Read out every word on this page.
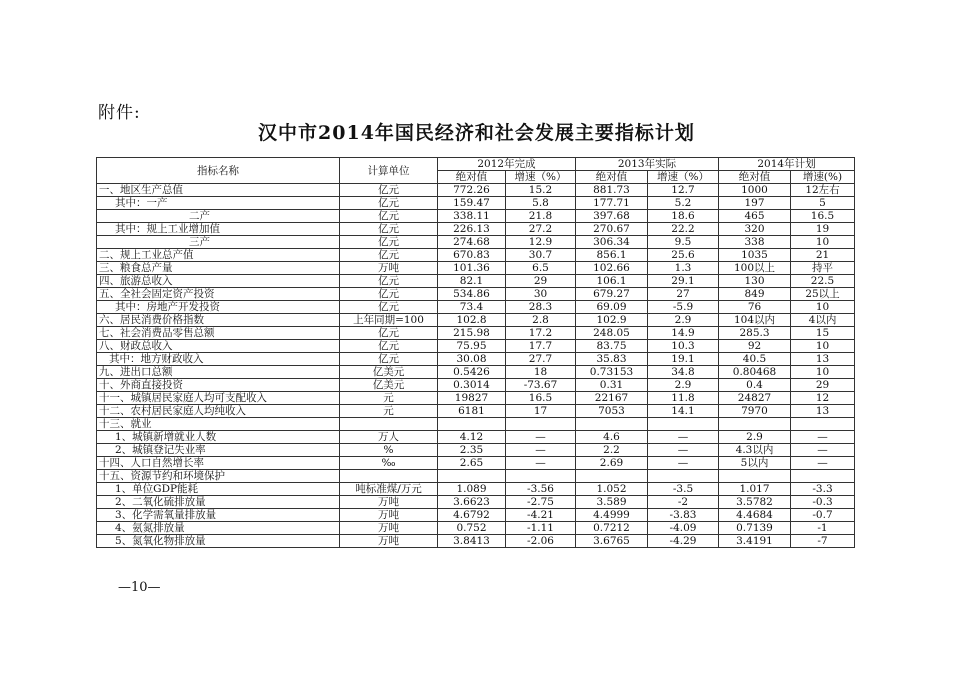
附件:
汉中市2014年国民经济和社会发展主要指标计划
指标名称	计算单位	2012年完成		2013年实际		2014年计划	
		绝对值	增速（%）	绝对值	增速（%）	绝对值	增速(%)
一、地区生产总值	亿元	772.26	15.2	881.73	12.7	1000	12左右
其中：一产	亿元	159.47	5.8	177.71	5.2	197	5
二产	亿元	338.11	21.8	397.68	18.6	465	16.5
其中：规上工业增加值	亿元	226.13	27.2	270.67	22.2	320	19
三产	亿元	274.68	12.9	306.34	9.5	338	10
二、规上工业总产值	亿元	670.83	30.7	856.1	25.6	1035	21
三、粮食总产量	万吨	101.36	6.5	102.66	1.3	100以上	持平
四、旅游总收入	亿元	82.1	29	106.1	29.1	130	22.5
五、全社会固定资产投资	亿元	534.86	30	679.27	27	849	25以上
其中：房地产开发投资	亿元	73.4	28.3	69.09	-5.9	76	10
六、居民消费价格指数	上年同期=100	102.8	2.8	102.9	2.9	104以内	4以内
七、社会消费品零售总额	亿元	215.98	17.2	248.05	14.9	285.3	15
八、财政总收入	亿元	75.95	17.7	83.75	10.3	92	10
其中：地方财政收入	亿元	30.08	27.7	35.83	19.1	40.5	13
九、进出口总额	亿美元	0.5426	18	0.73153	34.8	0.80468	10
十、外商直接投资	亿美元	0.3014	-73.67	0.31	2.9	0.4	29
十一、城镇居民家庭人均可支配收入	元	19827	16.5	22167	11.8	24827	12
十二、农村居民家庭人均纯收入	元	6181	17	7053	14.1	7970	13
十三、就业							
1、城镇新增就业人数	万人	4.12	—	4.6	—	2.9	—
2、城镇登记失业率	%	2.35	—	2.2	—	4.3以内	—
十四、人口自然增长率	‰	2.65	—	2.69	—	5以内	—
十五、资源节约和环境保护							
1、单位GDP能耗	吨标准煤/万元	1.089	-3.56	1.052	-3.5	1.017	-3.3
2、二氧化硫排放量	万吨	3.6623	-2.75	3.589	-2	3.5782	-0.3
3、化学需氧量排放量	万吨	4.6792	-4.21	4.4999	-3.83	4.4684	-0.7
4、氨氮排放量	万吨	0.752	-1.11	0.7212	-4.09	0.7139	-1
5、氮氧化物排放量	万吨	3.8413	-2.06	3.6765	-4.29	3.4191	-7
—10—
